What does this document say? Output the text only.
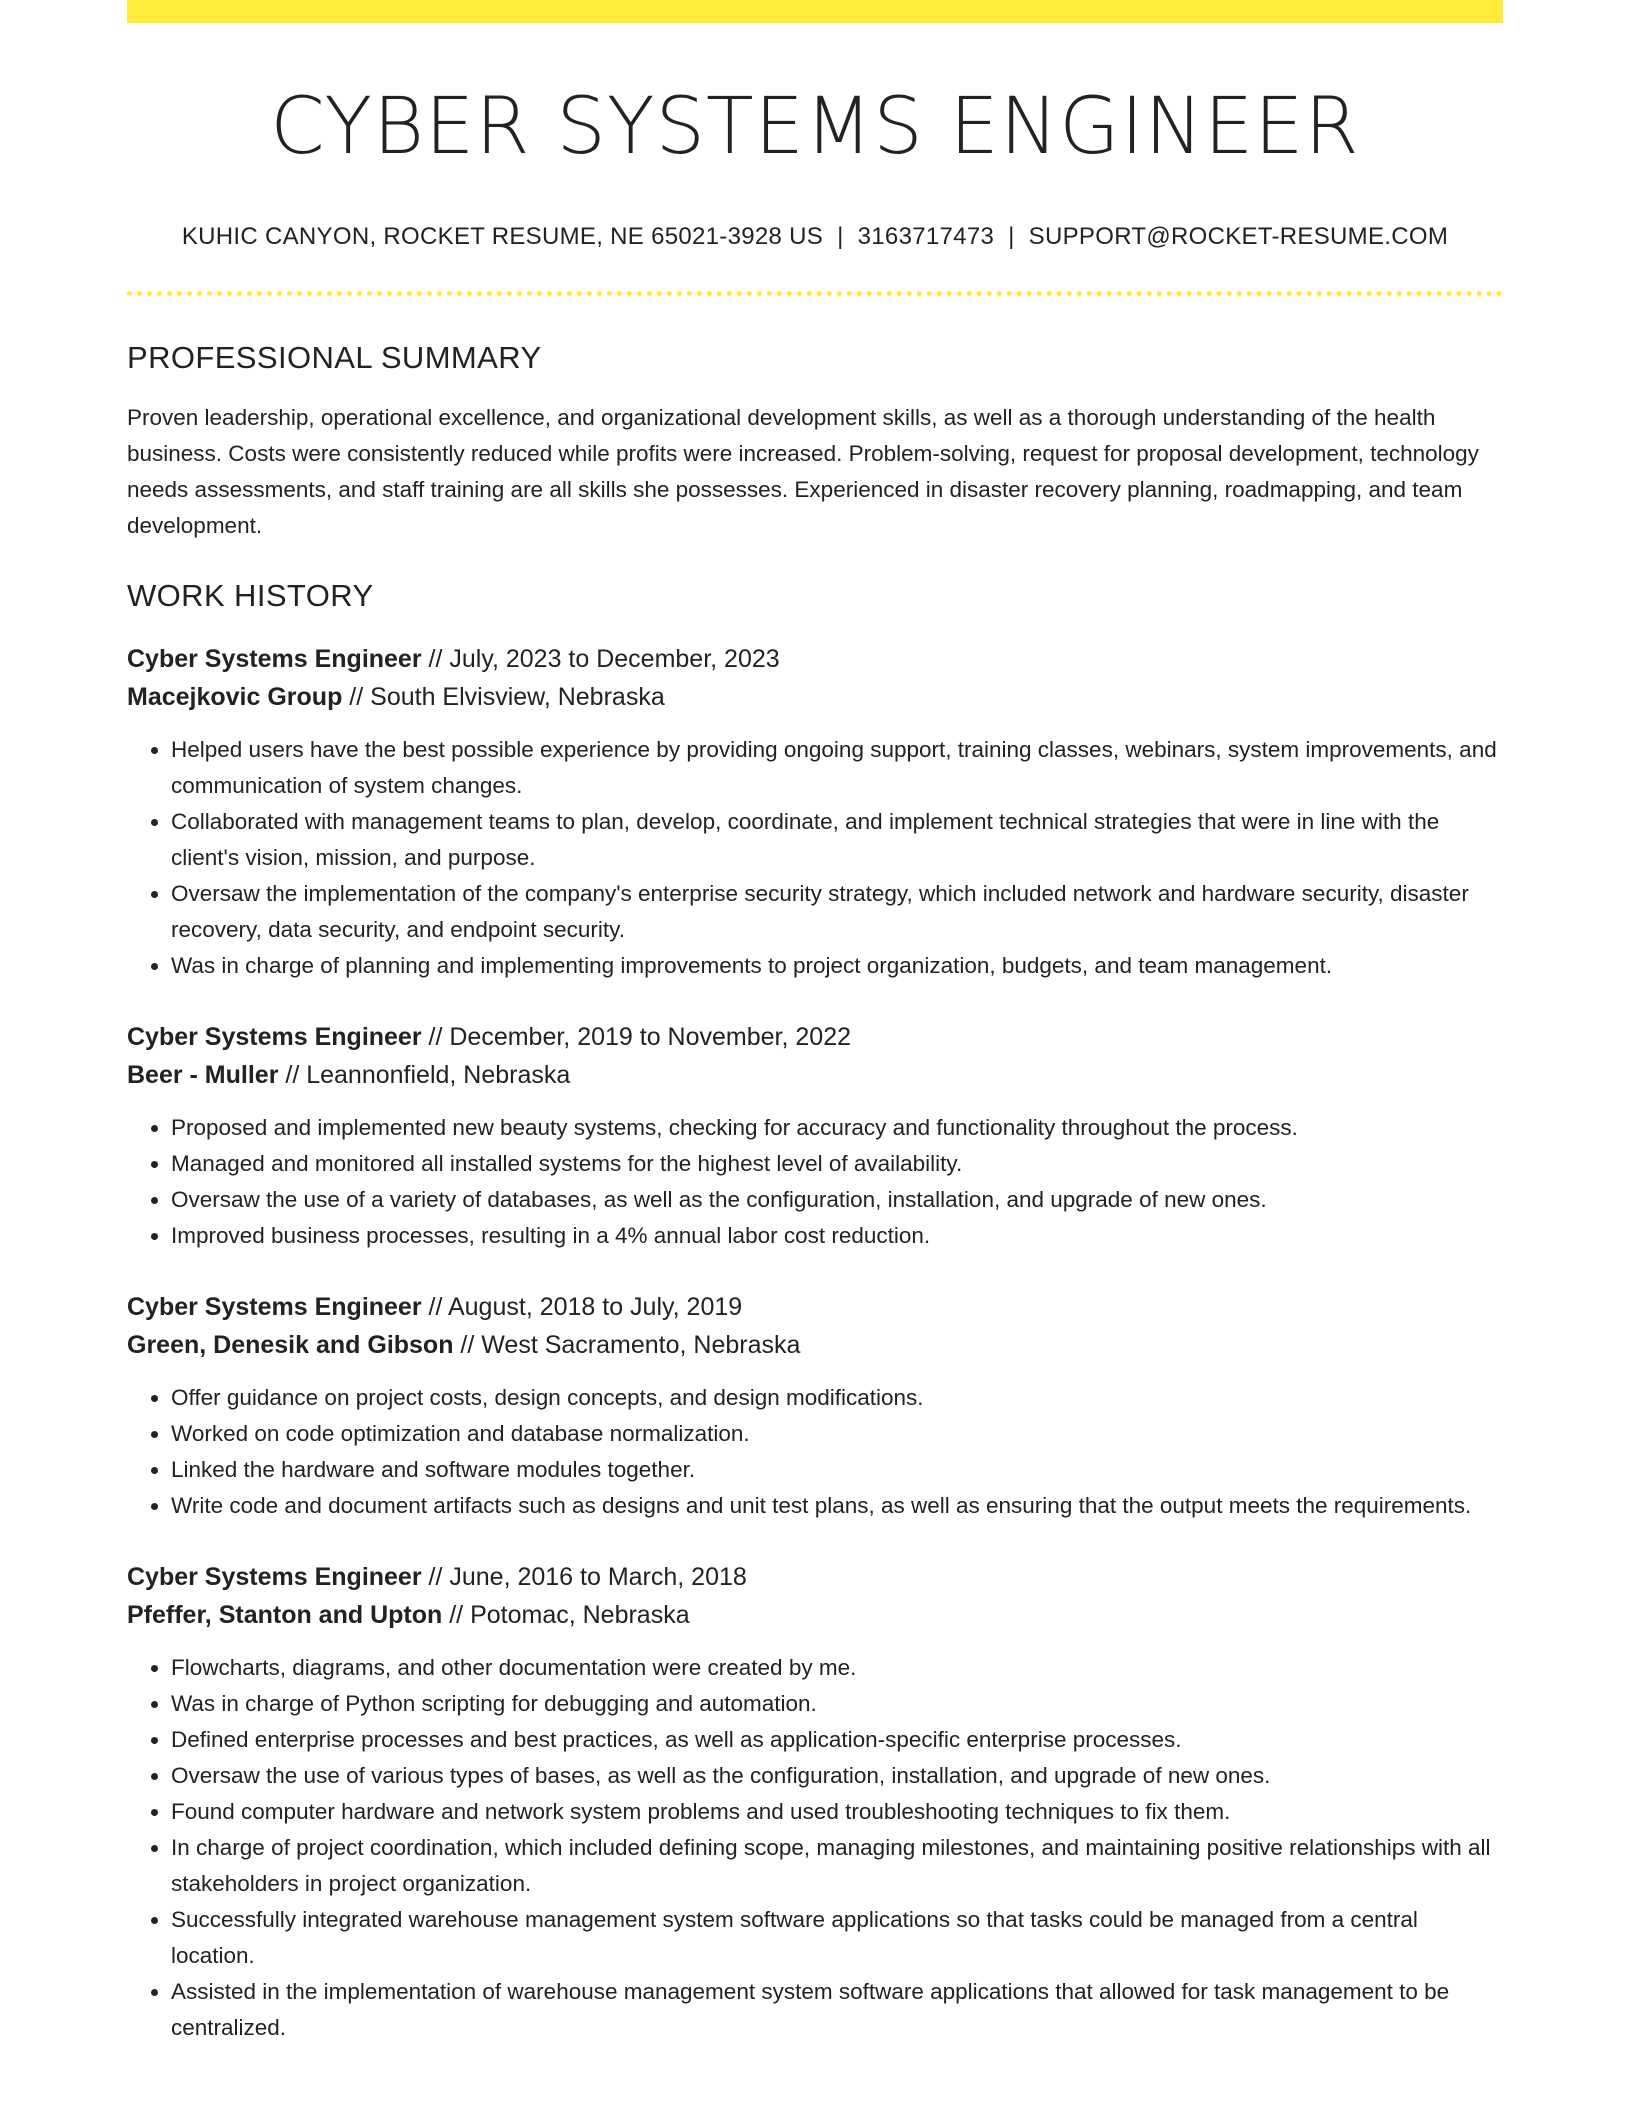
CYBER SYSTEMS ENGINEER
KUHIC CANYON, ROCKET RESUME, NE 65021-3928 US | 3163717473 | SUPPORT@ROCKET-RESUME.COM
PROFESSIONAL SUMMARY

Proven leadership, operational excellence, and organizational development skills, as well as a thorough understanding of the health business. Costs were consistently reduced while profits were increased. Problem-solving, request for proposal development, technology needs assessments, and staff training are all skills she possesses. Experienced in disaster recovery planning, roadmapping, and team development.

WORK HISTORY
Cyber Systems Engineer // July, 2023 to December, 2023
Macejkovic Group // South Elvisview, Nebraska
• Helped users have the best possible experience by providing ongoing support, training classes, webinars, system improvements, and communication of system changes.
• Collaborated with management teams to plan, develop, coordinate, and implement technical strategies that were in line with the client's vision, mission, and purpose.
• Oversaw the implementation of the company's enterprise security strategy, which included network and hardware security, disaster recovery, data security, and endpoint security.
• Was in charge of planning and implementing improvements to project organization, budgets, and team management.
Cyber Systems Engineer // December, 2019 to November, 2022
Beer - Muller // Leannonfield, Nebraska
• Proposed and implemented new beauty systems, checking for accuracy and functionality throughout the process.
• Managed and monitored all installed systems for the highest level of availability.
• Oversaw the use of a variety of databases, as well as the configuration, installation, and upgrade of new ones.
• Improved business processes, resulting in a 4% annual labor cost reduction.
Cyber Systems Engineer // August, 2018 to July, 2019
Green, Denesik and Gibson // West Sacramento, Nebraska
• Offer guidance on project costs, design concepts, and design modifications.
• Worked on code optimization and database normalization.
• Linked the hardware and software modules together.
• Write code and document artifacts such as designs and unit test plans, as well as ensuring that the output meets the requirements.
Cyber Systems Engineer // June, 2016 to March, 2018
Pfeffer, Stanton and Upton // Potomac, Nebraska
• Flowcharts, diagrams, and other documentation were created by me.
• Was in charge of Python scripting for debugging and automation.
• Defined enterprise processes and best practices, as well as application-specific enterprise processes.
• Oversaw the use of various types of bases, as well as the configuration, installation, and upgrade of new ones.
• Found computer hardware and network system problems and used troubleshooting techniques to fix them.
• In charge of project coordination, which included defining scope, managing milestones, and maintaining positive relationships with all stakeholders in project organization.
• Successfully integrated warehouse management system software applications so that tasks could be managed from a central location.
• Assisted in the implementation of warehouse management system software applications that allowed for task management to be centralized.
